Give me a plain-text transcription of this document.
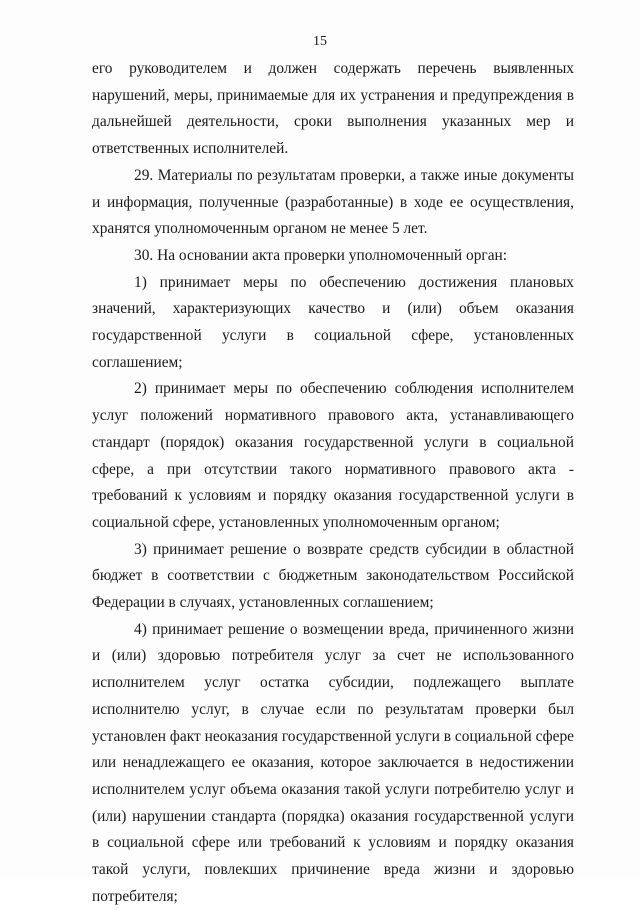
15

его руководителем и должен содержать перечень выявленных нарушений, меры, принимаемые для их устранения и предупреждения в дальнейшей деятельности, сроки выполнения указанных мер и ответственных исполнителей.

29. Материалы по результатам проверки, а также иные документы и информация, полученные (разработанные) в ходе ее осуществления, хранятся уполномоченным органом не менее 5 лет.

30. На основании акта проверки уполномоченный орган:

1) принимает меры по обеспечению достижения плановых значений, характеризующих качество и (или) объем оказания государственной услуги в социальной сфере, установленных соглашением;

2) принимает меры по обеспечению соблюдения исполнителем услуг положений нормативного правового акта, устанавливающего стандарт (порядок) оказания государственной услуги в социальной сфере, а при отсутствии такого нормативного правового акта - требований к условиям и порядку оказания государственной услуги в социальной сфере, установленных уполномоченным органом;

3) принимает решение о возврате средств субсидии в областной бюджет в соответствии с бюджетным законодательством Российской Федерации в случаях, установленных соглашением;

4) принимает решение о возмещении вреда, причиненного жизни и (или) здоровью потребителя услуг за счет не использованного исполнителем услуг остатка субсидии, подлежащего выплате исполнителю услуг, в случае если по результатам проверки был установлен факт неоказания государственной услуги в социальной сфере или ненадлежащего ее оказания, которое заключается в недостижении исполнителем услуг объема оказания такой услуги потребителю услуг и (или) нарушении стандарта (порядка) оказания государственной услуги в социальной сфере или требований к условиям и порядку оказания такой услуги, повлекших причинение вреда жизни и здоровью потребителя;
